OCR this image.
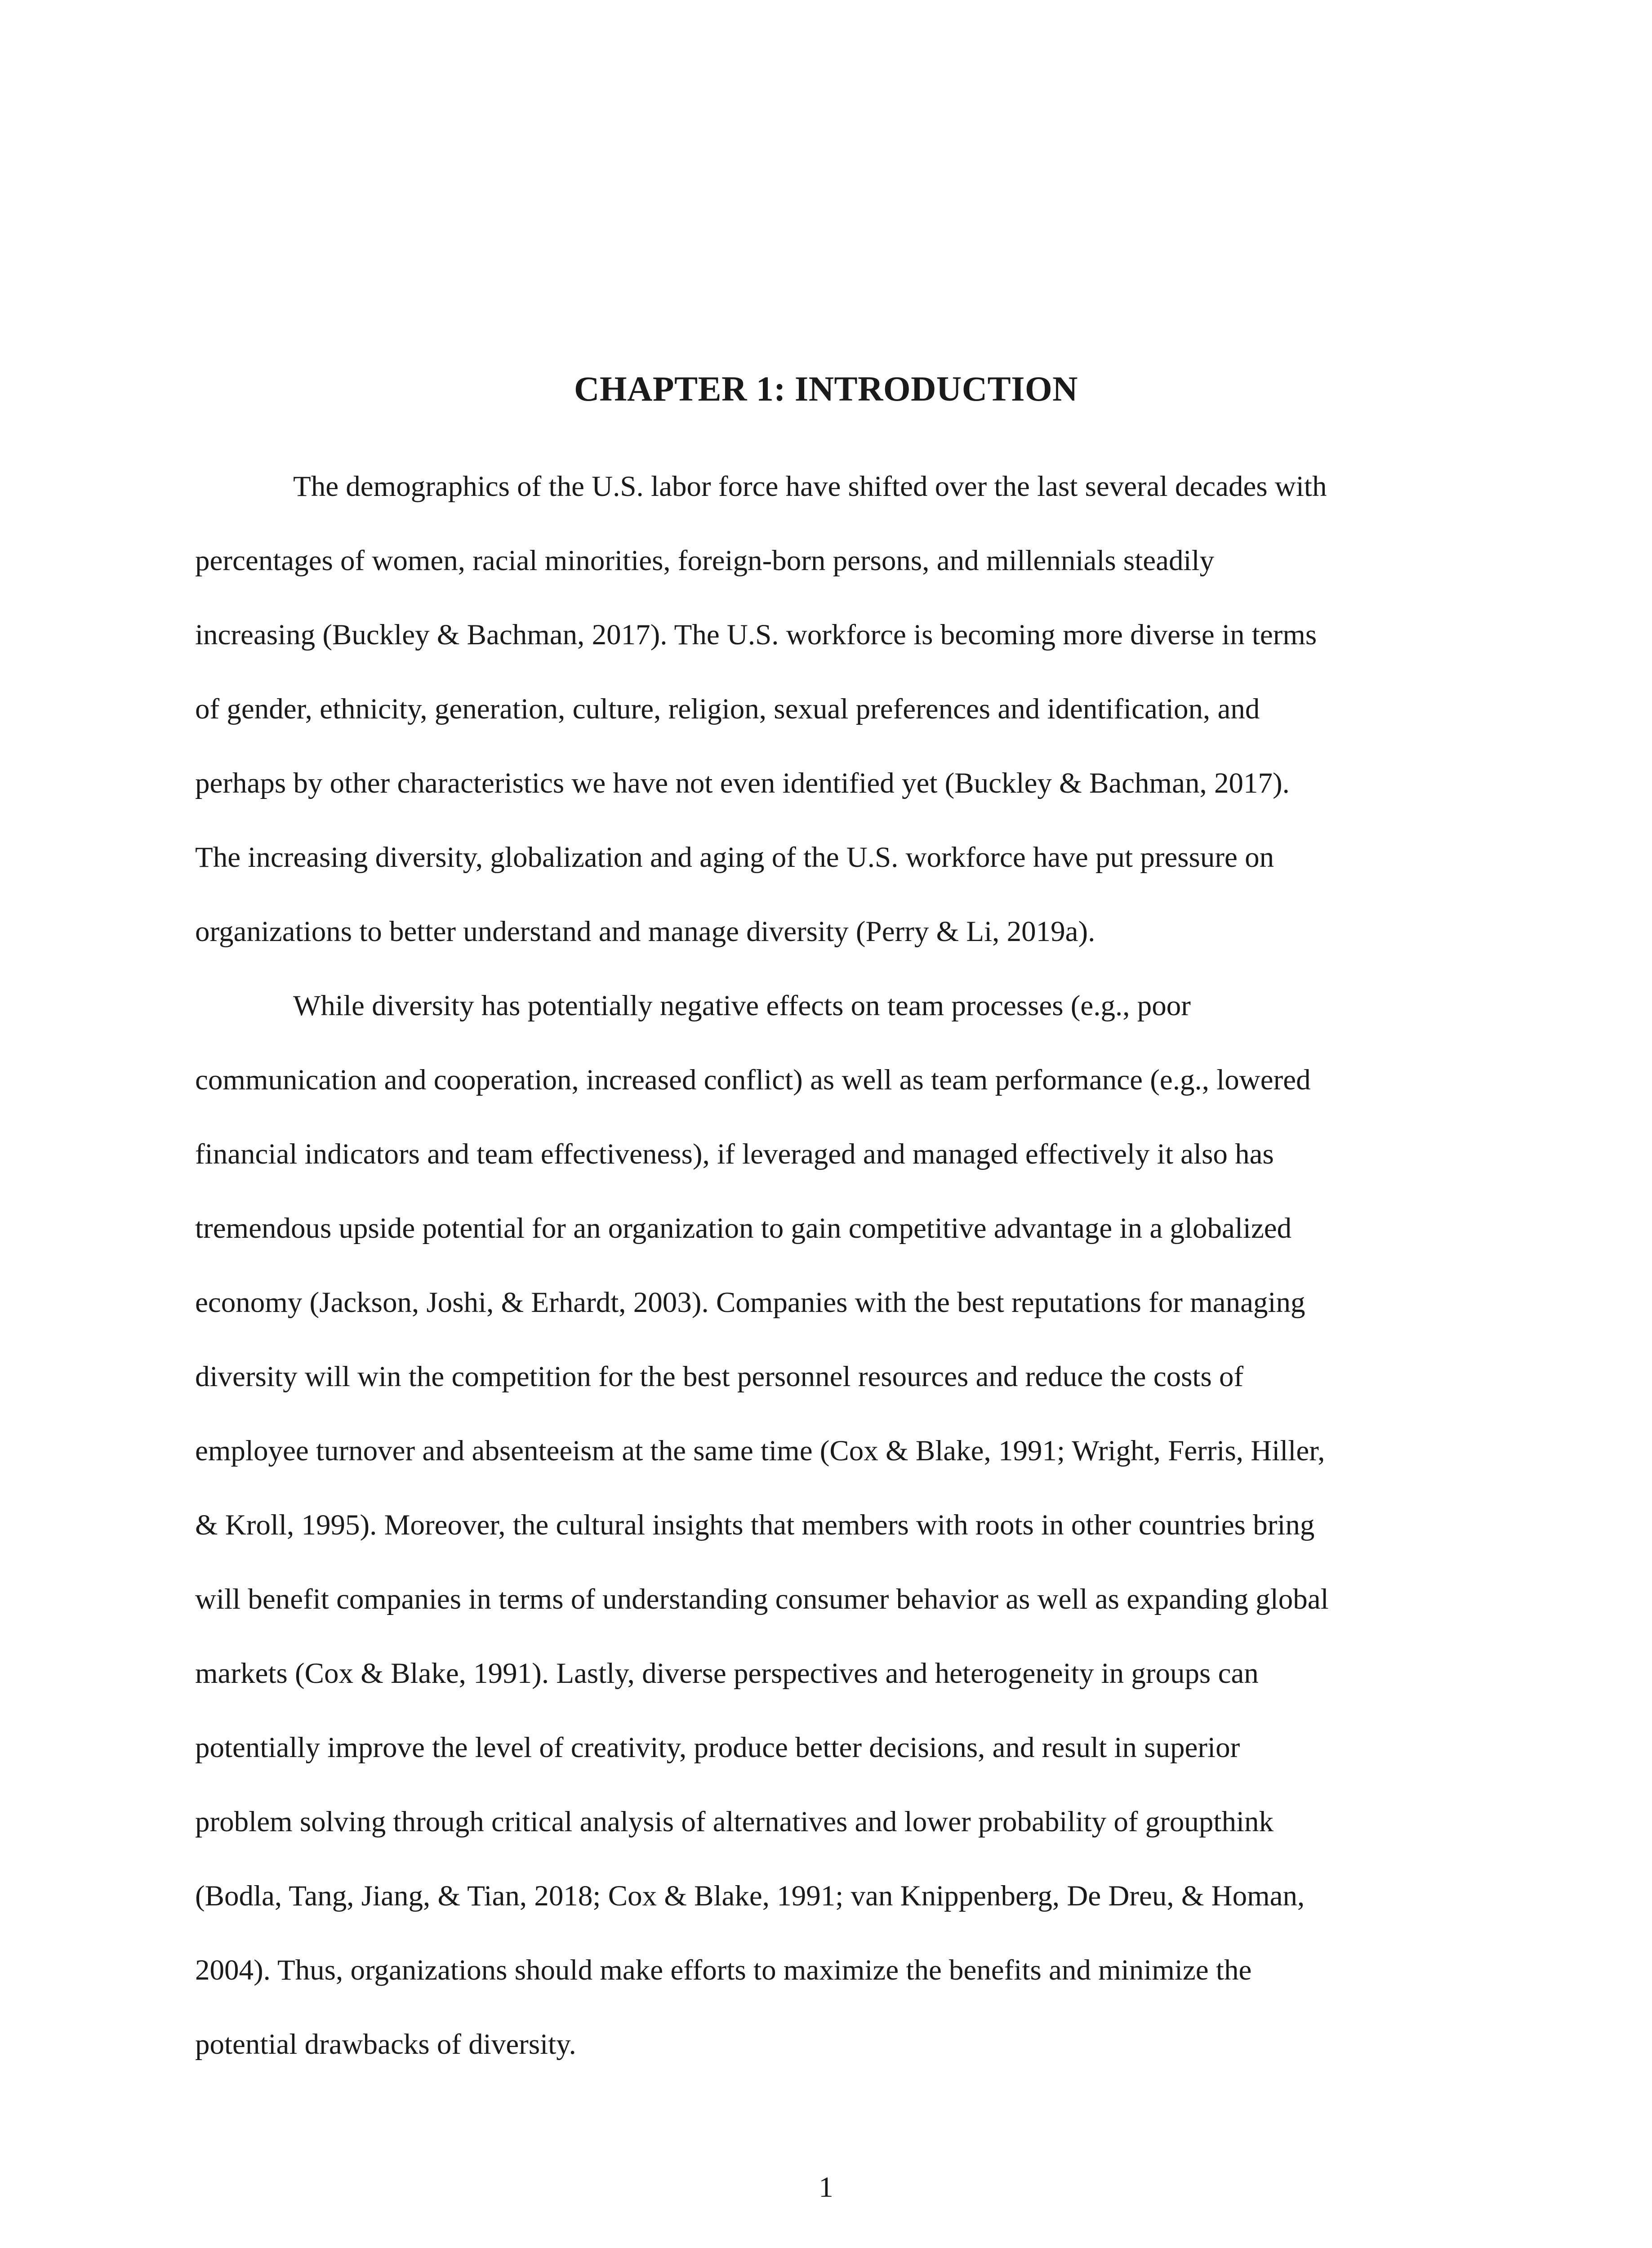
CHAPTER 1: INTRODUCTION
The demographics of the U.S. labor force have shifted over the last several decades with
percentages of women, racial minorities, foreign-born persons, and millennials steadily
increasing (Buckley & Bachman, 2017). The U.S. workforce is becoming more diverse in terms
of gender, ethnicity, generation, culture, religion, sexual preferences and identification, and
perhaps by other characteristics we have not even identified yet (Buckley & Bachman, 2017).
The increasing diversity, globalization and aging of the U.S. workforce have put pressure on
organizations to better understand and manage diversity (Perry & Li, 2019a).
While diversity has potentially negative effects on team processes (e.g., poor
communication and cooperation, increased conflict) as well as team performance (e.g., lowered
financial indicators and team effectiveness), if leveraged and managed effectively it also has
tremendous upside potential for an organization to gain competitive advantage in a globalized
economy (Jackson, Joshi, & Erhardt, 2003). Companies with the best reputations for managing
diversity will win the competition for the best personnel resources and reduce the costs of
employee turnover and absenteeism at the same time (Cox & Blake, 1991; Wright, Ferris, Hiller,
& Kroll, 1995). Moreover, the cultural insights that members with roots in other countries bring
will benefit companies in terms of understanding consumer behavior as well as expanding global
markets (Cox & Blake, 1991). Lastly, diverse perspectives and heterogeneity in groups can
potentially improve the level of creativity, produce better decisions, and result in superior
problem solving through critical analysis of alternatives and lower probability of groupthink
(Bodla, Tang, Jiang, & Tian, 2018; Cox & Blake, 1991; van Knippenberg, De Dreu, & Homan,
2004). Thus, organizations should make efforts to maximize the benefits and minimize the
potential drawbacks of diversity.
1
